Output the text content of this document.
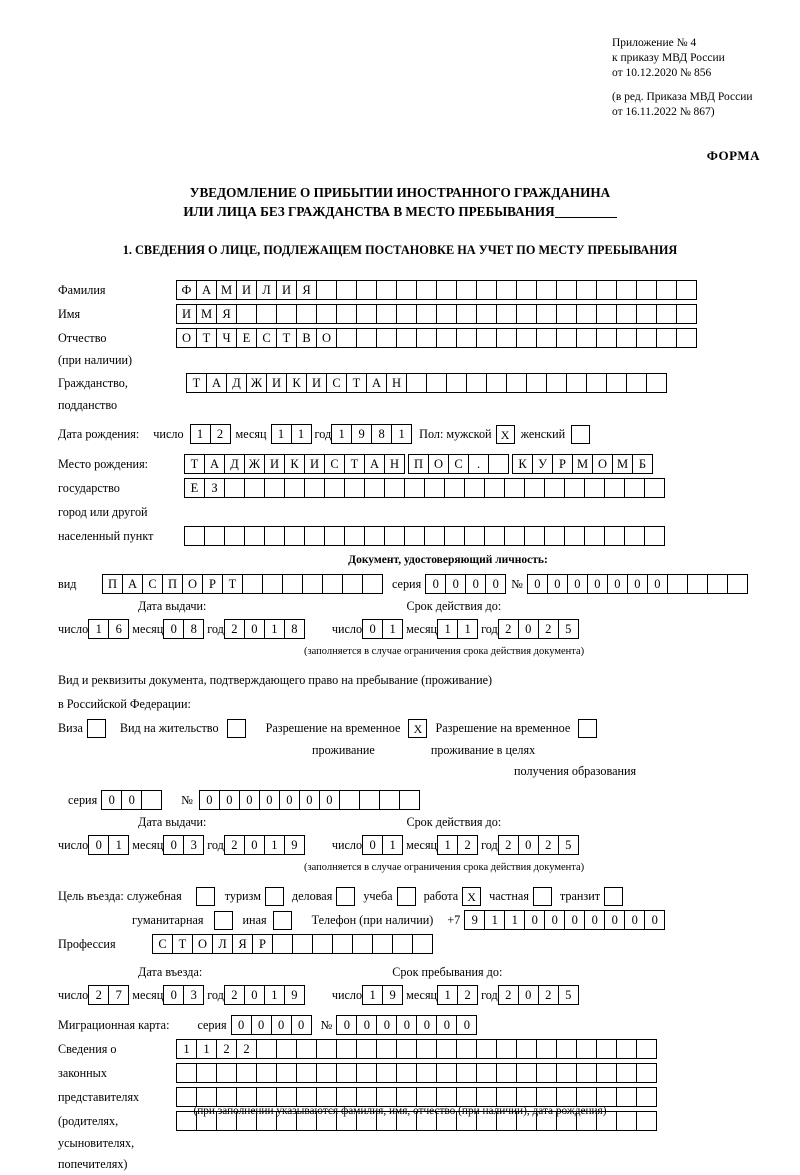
Приложение № 4
к приказу МВД России
от 10.12.2020 № 856
(в ред. Приказа МВД России
от 16.11.2022 № 867)
ФОРМА
УВЕДОМЛЕНИЕ О ПРИБЫТИИ ИНОСТРАННОГО ГРАЖДАНИНА
ИЛИ ЛИЦА БЕЗ ГРАЖДАНСТВА В МЕСТО ПРЕБЫВАНИЯ
1. СВЕДЕНИЯ О ЛИЦЕ, ПОДЛЕЖАЩЕМ ПОСТАНОВКЕ НА УЧЕТ ПО МЕСТУ ПРЕБЫВАНИЯ
Фамилия	Ф А М И Л И Я
Имя	И М Я
Отчество	О Т Ч Е С Т В О
(при наличии)
Гражданство,	Т А Д Ж И К И С Т А Н
подданство
Дата рождения: число	1	2	месяц 1	1 год 1	9	8	1	Пол: мужской X женский
Место рождения:	Т А Д Ж И К И С Т А Н	П О С	.	К У Р М О М Б
государство	Е	З
город или другой
населенный пункт
Документ, удостоверяющий личность:
вид	П А С П О Р	Т	серия 0	0	0	0	№ 0	0	0	0	0	0	0
Дата выдачи:	Срок действия до:
число 1	6 месяц 0	8 год 2	0	1	8	число 0	1 месяц 1	1 год 2	0	2	5
(заполняется в случае ограничения срока действия документа)
Вид и реквизиты документа, подтверждающего право на пребывание (проживание)
в Российской Федерации:
Виза	Вид на жительство	Разрешение на временное	X	Разрешение на временное
проживание	проживание в целях
получения образования
серия 0	0	№	0	0	0	0	0	0	0
Дата выдачи:	Срок действия до:
число 0	1 месяц 0	3 год 2	0	1	9	число 0	1 месяц 1	2 год 2	0	2	5
(заполняется в случае ограничения срока действия документа)
Цель въезда: служебная	туризм	деловая	учеба	работа X	частная	транзит
гуманитарная	иная	Телефон (при наличии) +7 9	1	1	0	0	0	0	0	0	0
Профессия	С Т О Л Я Р
Дата въезда:	Срок пребывания до:
число 2	7 месяц 0	3 год 2	0	1	9	число 1	9 месяц 1	2 год 2	0	2	5
Миграционная карта: серия 0	0	0	0	№ 0	0	0	0	0	0	0
Сведения о	1	1	2	2
законных
представителях
(родителях,
усыновителях,
попечителях)
(при заполнении указываются фамилия, имя, отчество (при наличии), дата рождения)
